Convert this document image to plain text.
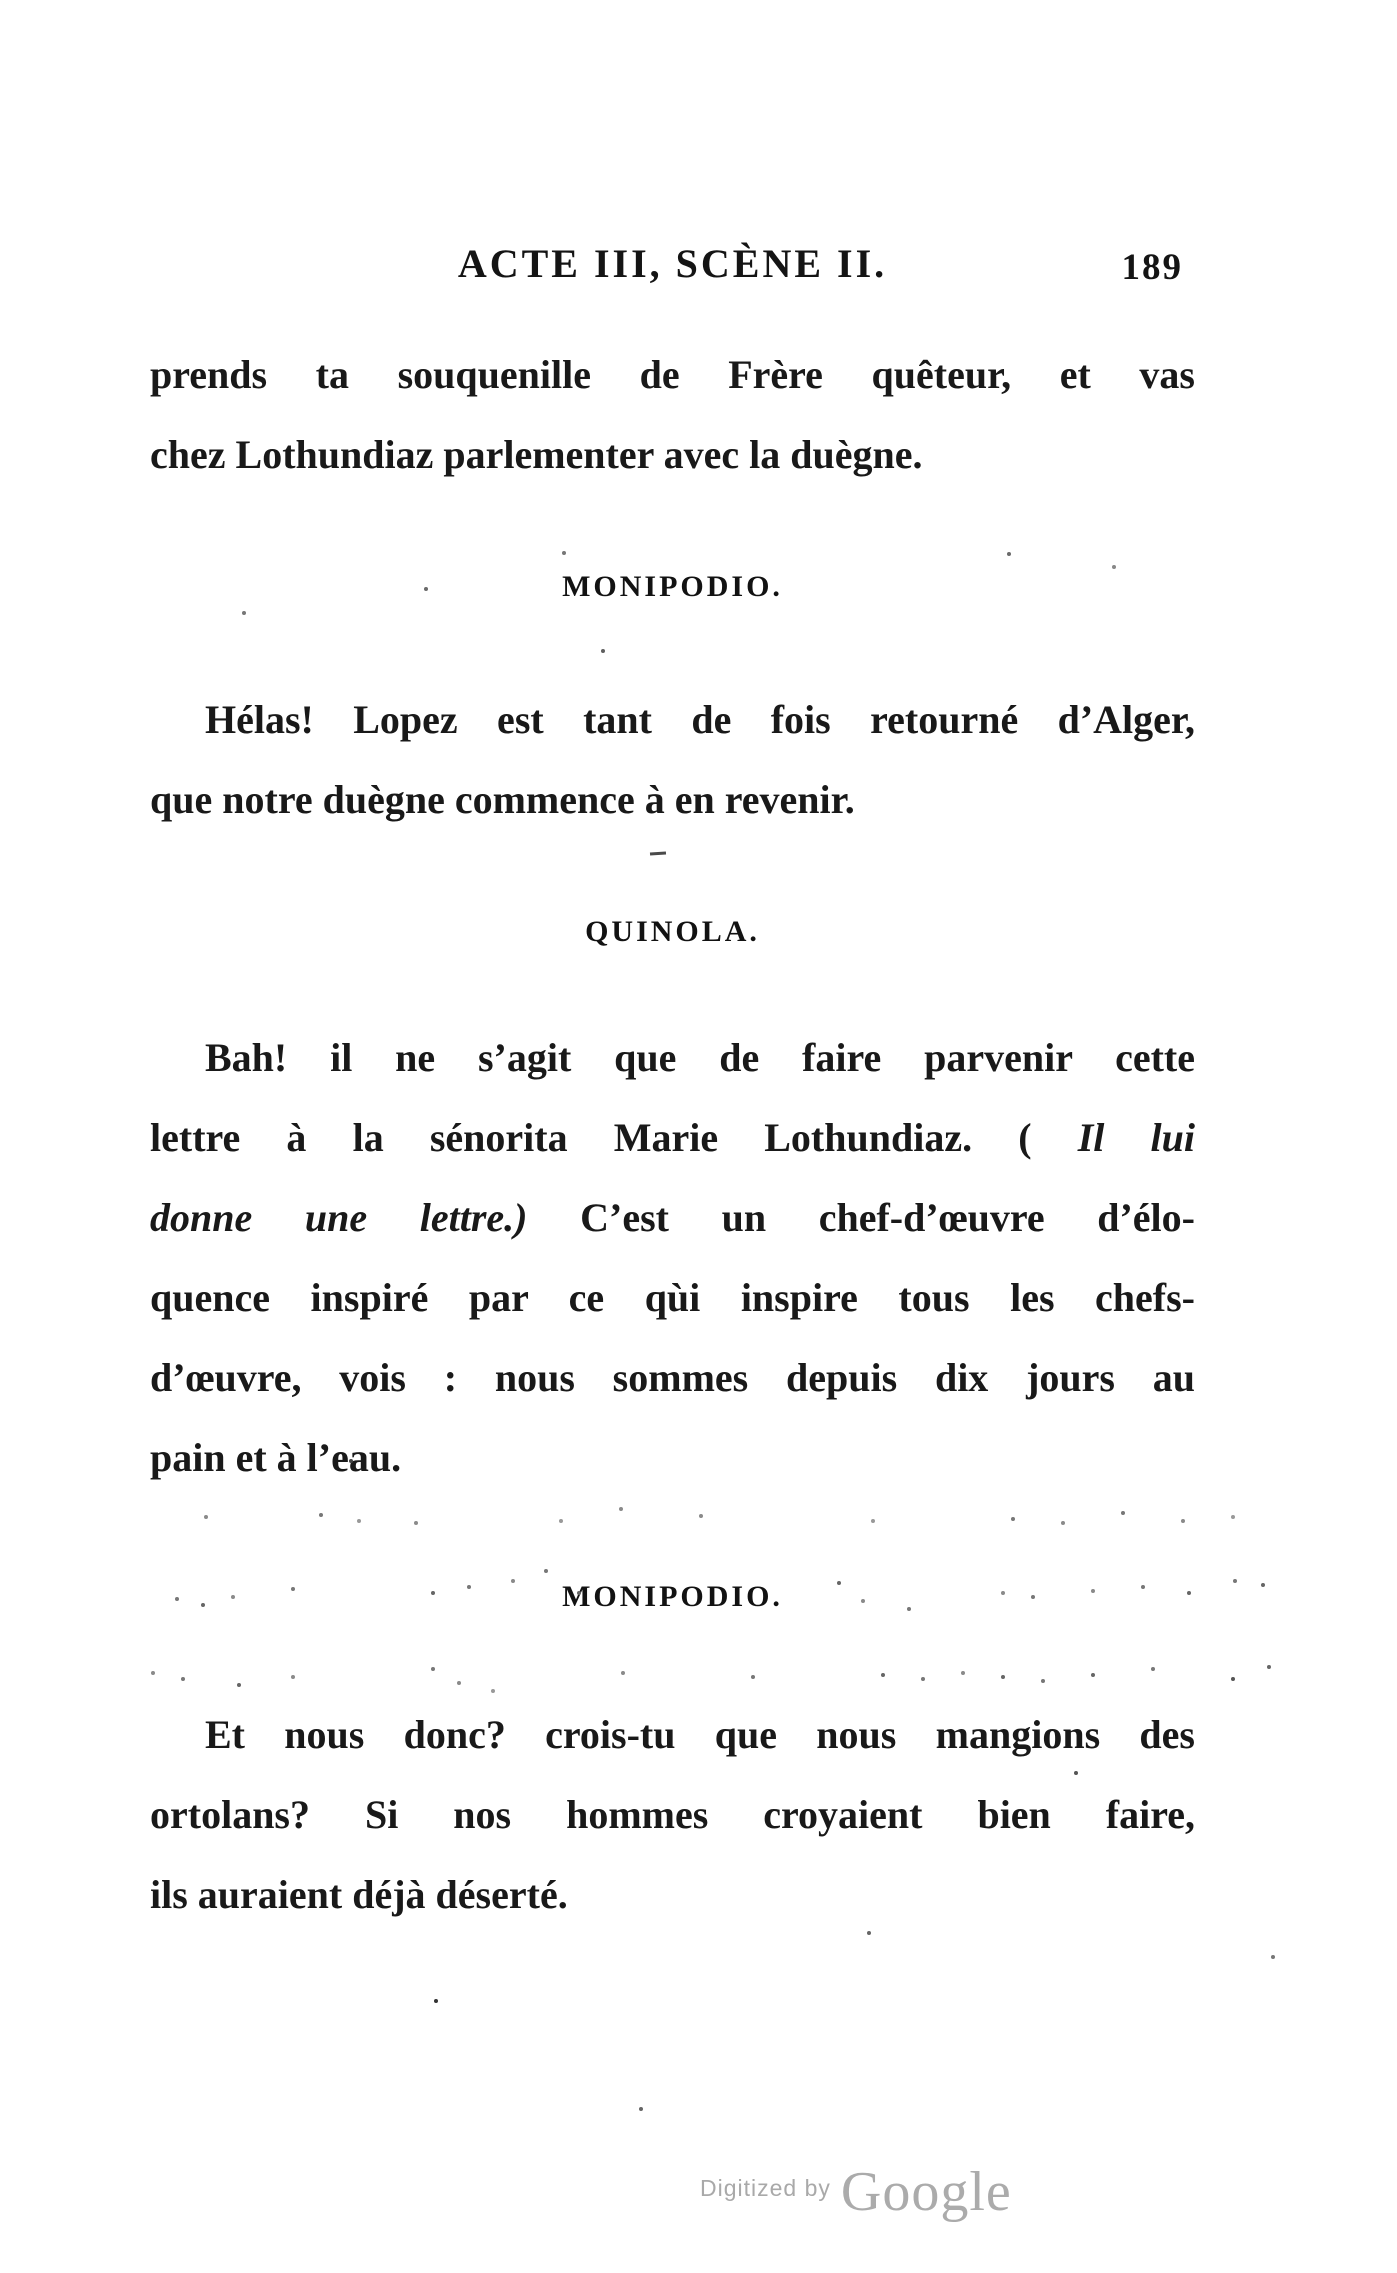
ACTE III, SCÈNE II.	189
prends ta souquenille de Frère quêteur, et vas
chez Lothundiaz parlementer avec la duègne.
MONIPODIO.
Hélas! Lopez est tant de fois retourné d’Alger,
que notre duègne commence à en revenir.
QUINOLA.
Bah! il ne s’agit que de faire parvenir cette
lettre à la sénorita Marie Lothundiaz. ( Il lui
donne une lettre.) C’est un chef-d’œuvre d’élo-
quence inspiré par ce qùi inspire tous les chefs-
d’œuvre, vois : nous sommes depuis dix jours au
pain et à l’eau.
MONIPODIO.
Et nous donc? crois-tu que nous mangions des
ortolans? Si nos hommes croyaient bien faire,
ils auraient déjà déserté.
Digitized by Google
